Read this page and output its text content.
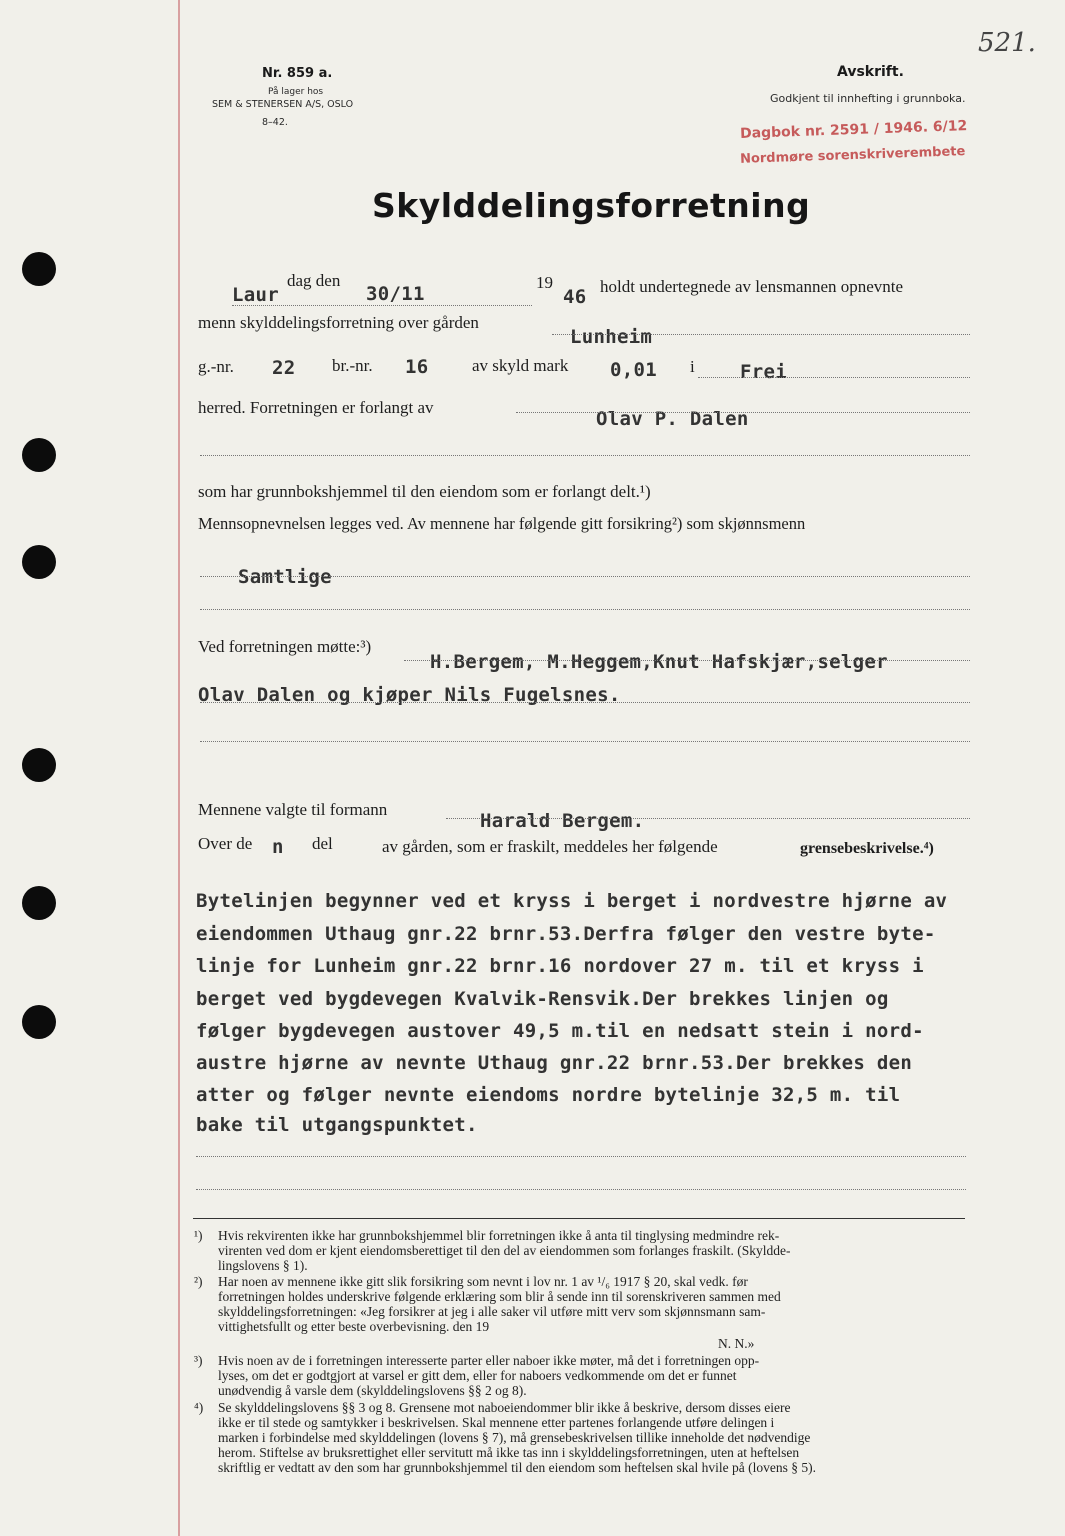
521.
Nr. 859 a.
På lager hos
SEM & STENERSEN A/S, OSLO
8–42.
Avskrift.
Godkjent til innhefting i grunnboka.
Dagbok nr. 2591 / 1946. 6/12
Nordmøre sorenskriverembete
Skylddelingsforretning
Laur
dag den
30/11
19
46 holdt undertegnede av lensmannen opnevnte
menn skylddelingsforretning over gården
Lunheim
g.-nr. 22 br.-nr. 16	av skyld mark 0,01 i Frei
herred. Forretningen er forlangt av
Olav P. Dalen
som har grunnbokshjemmel til den eiendom som er forlangt delt.¹)
Mennsopnevnelsen legges ved. Av mennene har følgende gitt forsikring²) som skjønnsmenn
Samtlige
Ved forretningen møtte:³)
H.Bergem, M.Heggem,Knut Hafskjær,selger
Olav Dalen og kjøper Nils Fugelsnes.
Mennene valgte til formann
Harald Bergem.
Over de n del	av gården, som er fraskilt, meddeles her følgende	grensebeskrivelse.⁴)
Bytelinjen begynner ved et kryss i berget i nordvestre hjørne av
eiendommen Uthaug gnr.22 brnr.53.Derfra følger den vestre byte-
linje for Lunheim gnr.22 brnr.16 nordover 27 m. til et kryss i
berget ved bygdevegen Kvalvik-Rensvik.Der brekkes linjen og
følger bygdevegen austover 49,5 m.til en nedsatt stein i nord-
austre hjørne av nevnte Uthaug gnr.22 brnr.53.Der brekkes den
atter og følger nevnte eiendoms nordre bytelinje 32,5 m. til
bake til utgangspunktet.
¹) Hvis rekvirenten ikke har grunnbokshjemmel blir forretningen ikke å anta til tinglysing medmindre rek-
virenten ved dom er kjent eiendomsberettiget til den del av eiendommen som forlanges fraskilt. (Skyldde-
lingslovens § 1).
²) Har noen av mennene ikke gitt slik forsikring som nevnt i lov nr. 1 av ¹/₆ 1917 § 20, skal vedk. før
forretningen holdes underskrive følgende erklæring som blir å sende inn til sorenskriveren sammen med
skylddelingsforretningen: «Jeg forsikrer at jeg i alle saker vil utføre mitt verv som skjønnsmann sam-
vittighetsfullt og etter beste overbevisning. den 19
N. N.»
³) Hvis noen av de i forretningen interesserte parter eller naboer ikke møter, må det i forretningen opp-
lyses, om det er godtgjort at varsel er gitt dem, eller for naboers vedkommende om det er funnet
unødvendig å varsle dem (skylddelingslovens §§ 2 og 8).
⁴) Se skylddelingslovens §§ 3 og 8. Grensene mot naboeiendommer blir ikke å beskrive, dersom disses eiere
ikke er til stede og samtykker i beskrivelsen. Skal mennene etter partenes forlangende utføre delingen i
marken i forbindelse med skylddelingen (lovens § 7), må grensebeskrivelsen tillike inneholde det nødvendige
herom. Stiftelse av bruksrettighet eller servitutt må ikke tas inn i skylddelingsforretningen, uten at heftelsen
skriftlig er vedtatt av den som har grunnbokshjemmel til den eiendom som heftelsen skal hvile på (lovens § 5).
